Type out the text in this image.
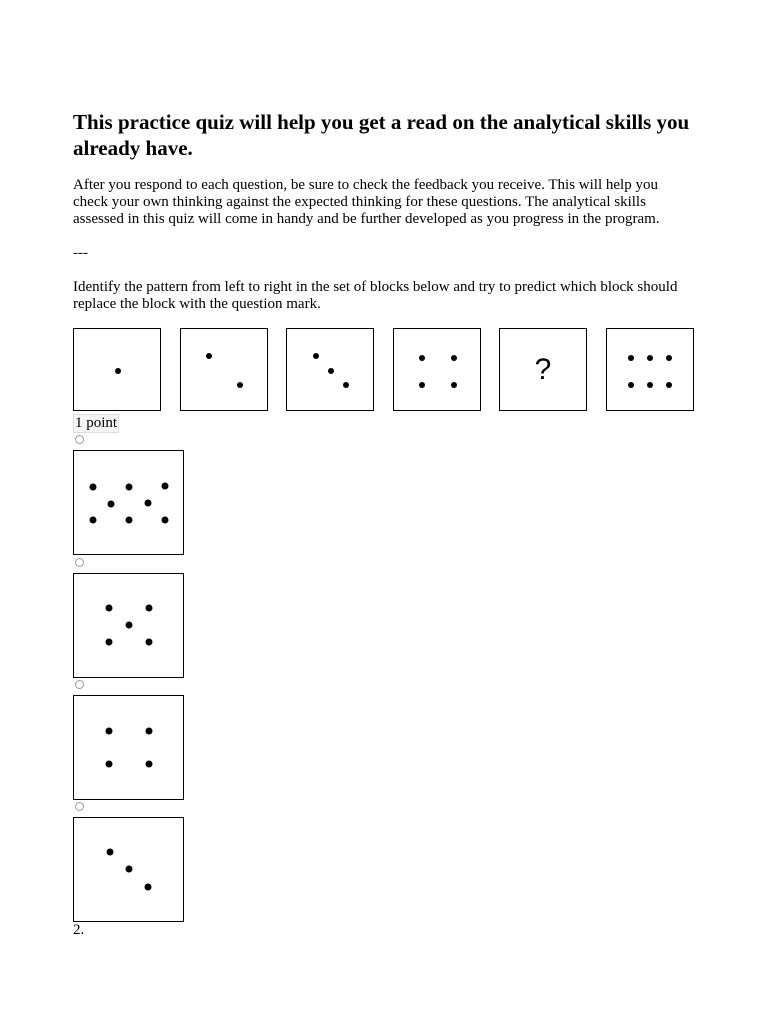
This practice quiz will help you get a read on the analytical skills you already have.

After you respond to each question, be sure to check the feedback you receive. This will help you check your own thinking against the expected thinking for these questions. The analytical skills assessed in this quiz will come in handy and be further developed as you progress in the program.

---

Identify the pattern from left to right in the set of blocks below and try to predict which block should replace the block with the question mark.

?
1 point
2.
